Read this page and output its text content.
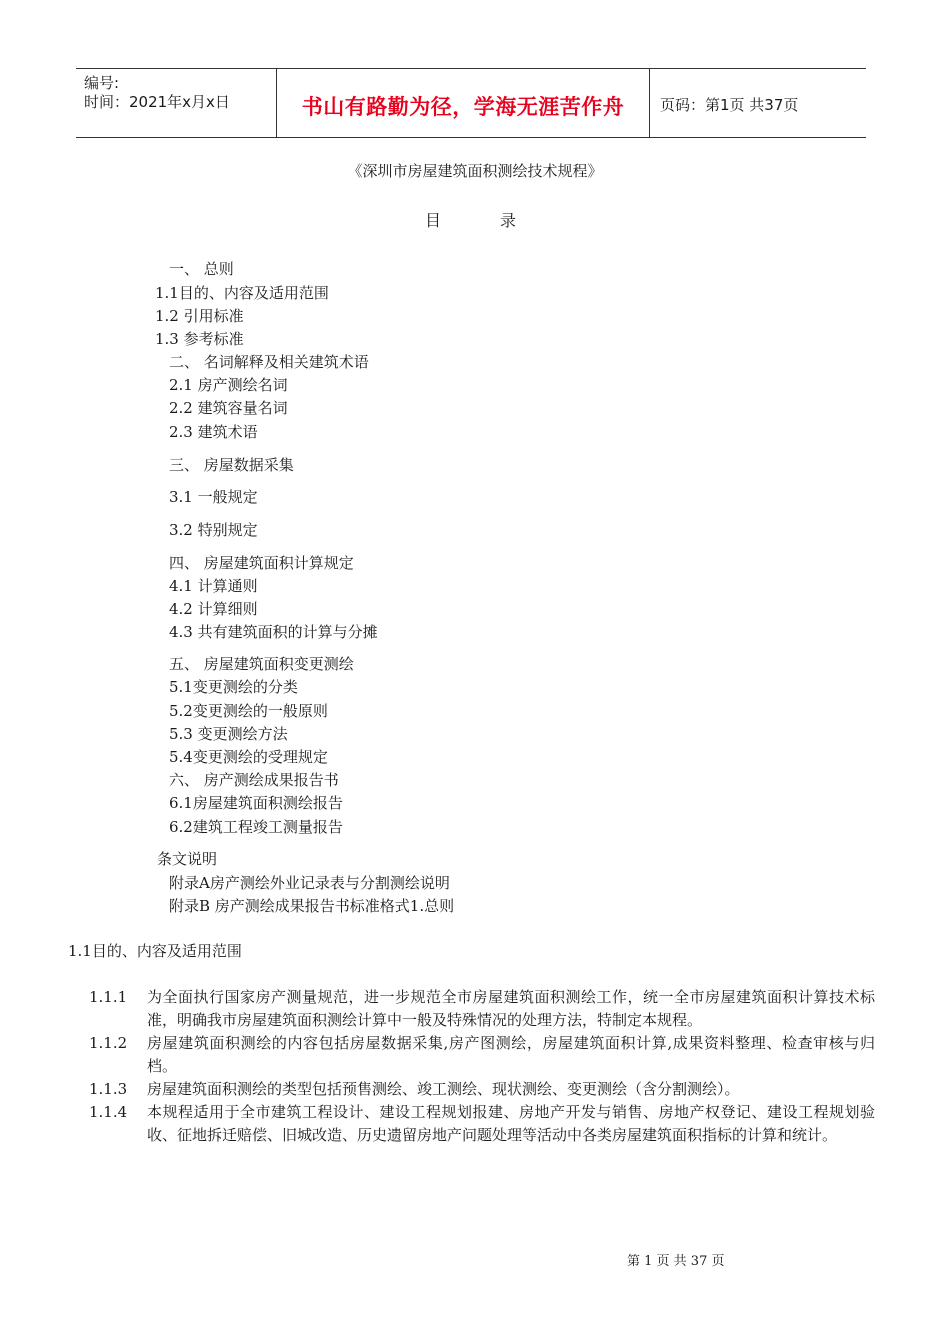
编号:
时间：2021年x月x日	书山有路勤为径，学海无涯苦作舟	页码：第1页 共37页
《深圳市房屋建筑面积测绘技术规程》
目	录
一、 总则
1.1目的、内容及适用范围
1.2 引用标准
1.3 参考标准
二、 名词解释及相关建筑术语
2.1 房产测绘名词
2.2 建筑容量名词
2.3 建筑术语
三、 房屋数据采集
3.1 一般规定
3.2 特别规定
四、 房屋建筑面积计算规定
4.1 计算通则
4.2 计算细则
4.3 共有建筑面积的计算与分摊
五、 房屋建筑面积变更测绘
5.1变更测绘的分类
5.2变更测绘的一般原则
5.3 变更测绘方法
5.4变更测绘的受理规定
六、 房产测绘成果报告书
6.1房屋建筑面积测绘报告
6.2建筑工程竣工测量报告
条文说明
附录A房产测绘外业记录表与分割测绘说明
附录B 房产测绘成果报告书标准格式1.总则
1.1目的、内容及适用范围
1.1.1 为全面执行国家房产测量规范，进一步规范全市房屋建筑面积测绘工作，统一全市房屋建筑面积计算技术标准，明确我市房屋建筑面积测绘计算中一般及特殊情况的处理方法，特制定本规程。
1.1.2 房屋建筑面积测绘的内容包括房屋数据采集,房产图测绘，房屋建筑面积计算,成果资料整理、检查审核与归档。
1.1.3 房屋建筑面积测绘的类型包括预售测绘、竣工测绘、现状测绘、变更测绘（含分割测绘）。
1.1.4 本规程适用于全市建筑工程设计、建设工程规划报建、房地产开发与销售、房地产权登记、建设工程规划验收、征地拆迁赔偿、旧城改造、历史遗留房地产问题处理等活动中各类房屋建筑面积指标的计算和统计。
第 1 页 共 37 页
